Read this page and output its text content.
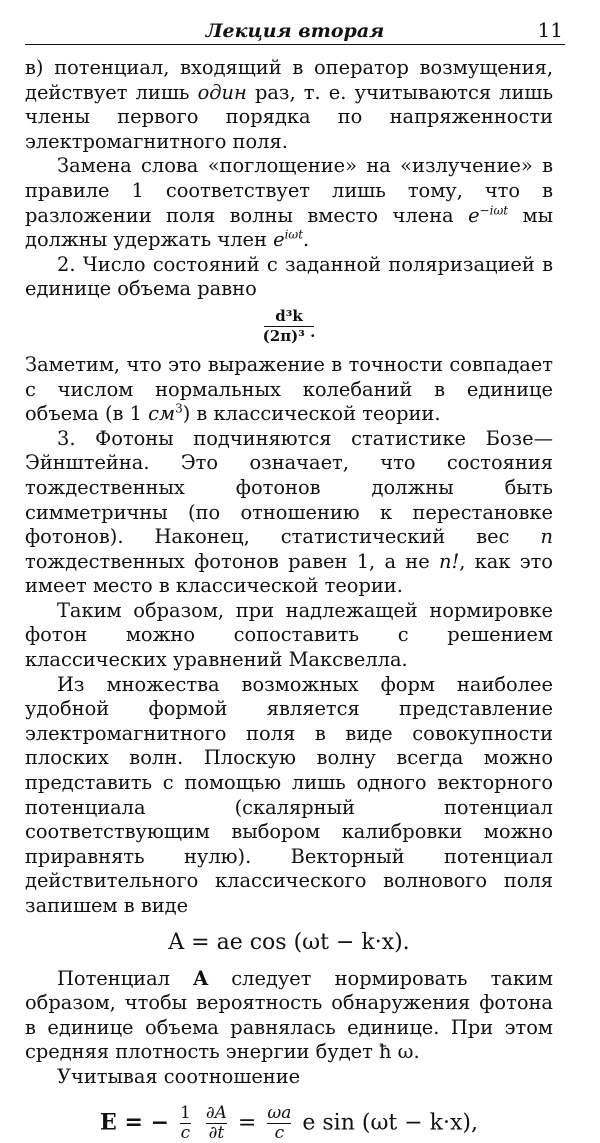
Лекция вторая	11

в) потенциал, входящий в оператор возмущения, действует лишь один раз, т. е. учитываются лишь члены первого порядка по напряженности электромагнитного поля.

Замена слова «поглощение» на «излучение» в правиле 1 соответствует лишь тому, что в разложении поля волны вместо члена $e^{-i\omega t}$ мы должны удержать член $e^{i\omega t}$.

2. Число состояний с заданной поляризацией в единице объема равно

d³k
(2π)³ ·

Заметим, что это выражение в точности совпадает с числом нормальных колебаний в единице объема (в 1 $см^3$) в классической теории.

3. Фотоны подчиняются статистике Бозе—Эйнштейна. Это означает, что состояния тождественных фотонов должны быть симметричны (по отношению к перестановке фотонов). Наконец, статистический вес n тождественных фотонов равен 1, а не n!, как это имеет место в классической теории.

Таким образом, при надлежащей нормировке фотон можно сопоставить с решением классических уравнений Максвелла.

Из множества возможных форм наиболее удобной формой является представление электромагнитного поля в виде совокупности плоских волн. Плоскую волну всегда можно представить с помощью лишь одного векторного потенциала (скалярный потенциал соответствующим выбором калибровки можно приравнять нулю). Векторный потенциал действительного классического волнового поля запишем в виде

A = ae cos (ωt − k·x).

Потенциал A следует нормировать таким образом, чтобы вероятность обнаружения фотона в единице объема равнялась единице. При этом средняя плотность энергии будет ħ ω.

Учитывая соотношение

E = − $\frac{1}{c}$
$\frac{\partial A}{\partial t} = \frac{\omega a}{c}$ e sin (ωt − k·x),
